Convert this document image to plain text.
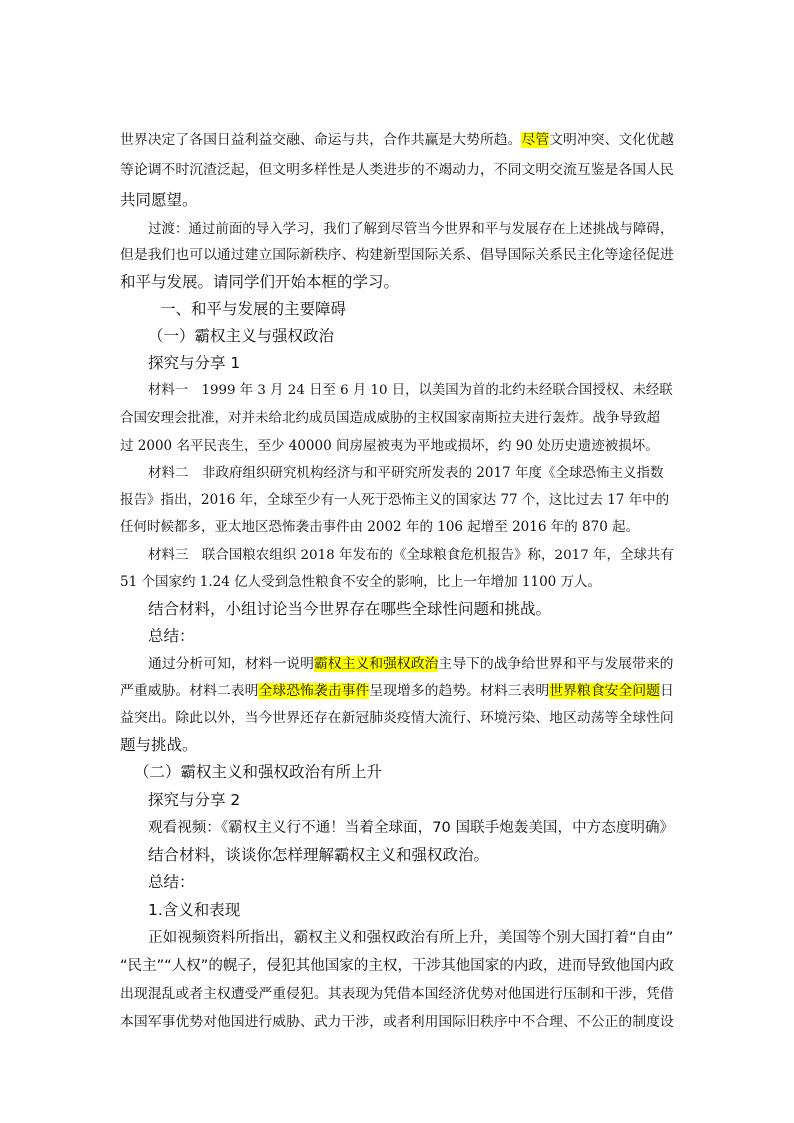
世界决定了各国日益利益交融、命运与共，合作共赢是大势所趋。尽管文明冲突、文化优越
等论调不时沉渣泛起，但文明多样性是人类进步的不竭动力，不同文明交流互鉴是各国人民
共同愿望。
过渡：通过前面的导入学习，我们了解到尽管当今世界和平与发展存在上述挑战与障碍，
但是我们也可以通过建立国际新秩序、构建新型国际关系、倡导国际关系民主化等途径促进
和平与发展。请同学们开始本框的学习。
一、和平与发展的主要障碍
（一）霸权主义与强权政治
探究与分享 1
材料一　1999 年 3 月 24 日至 6 月 10 日，以美国为首的北约未经联合国授权、未经联
合国安理会批准，对并未给北约成员国造成威胁的主权国家南斯拉夫进行轰炸。战争导致超
过 2000 名平民丧生，至少 40000 间房屋被夷为平地或损坏，约 90 处历史遗迹被损坏。
材料二　非政府组织研究机构经济与和平研究所发表的 2017 年度《全球恐怖主义指数
报告》指出，2016 年，全球至少有一人死于恐怖主义的国家达 77 个，这比过去 17 年中的
任何时候都多，亚太地区恐怖袭击事件由 2002 年的 106 起增至 2016 年的 870 起。
材料三　联合国粮农组织 2018 年发布的《全球粮食危机报告》称，2017 年，全球共有
51 个国家约 1.24 亿人受到急性粮食不安全的影响，比上一年增加 1100 万人。
结合材料，小组讨论当今世界存在哪些全球性问题和挑战。
总结：
通过分析可知，材料一说明霸权主义和强权政治主导下的战争给世界和平与发展带来的
严重威胁。材料二表明全球恐怖袭击事件呈现增多的趋势。材料三表明世界粮食安全问题日
益突出。除此以外，当今世界还存在新冠肺炎疫情大流行、环境污染、地区动荡等全球性问
题与挑战。
（二）霸权主义和强权政治有所上升
探究与分享 2
观看视频：《霸权主义行不通！当着全球面，70 国联手炮轰美国，中方态度明确》
结合材料，谈谈你怎样理解霸权主义和强权政治。
总结：
1.含义和表现
正如视频资料所指出，霸权主义和强权政治有所上升，美国等个别大国打着“自由”
“民主”“人权”的幌子，侵犯其他国家的主权，干涉其他国家的内政，进而导致他国内政
出现混乱或者主权遭受严重侵犯。其表现为凭借本国经济优势对他国进行压制和干涉，凭借
本国军事优势对他国进行威胁、武力干涉，或者利用国际旧秩序中不合理、不公正的制度设
